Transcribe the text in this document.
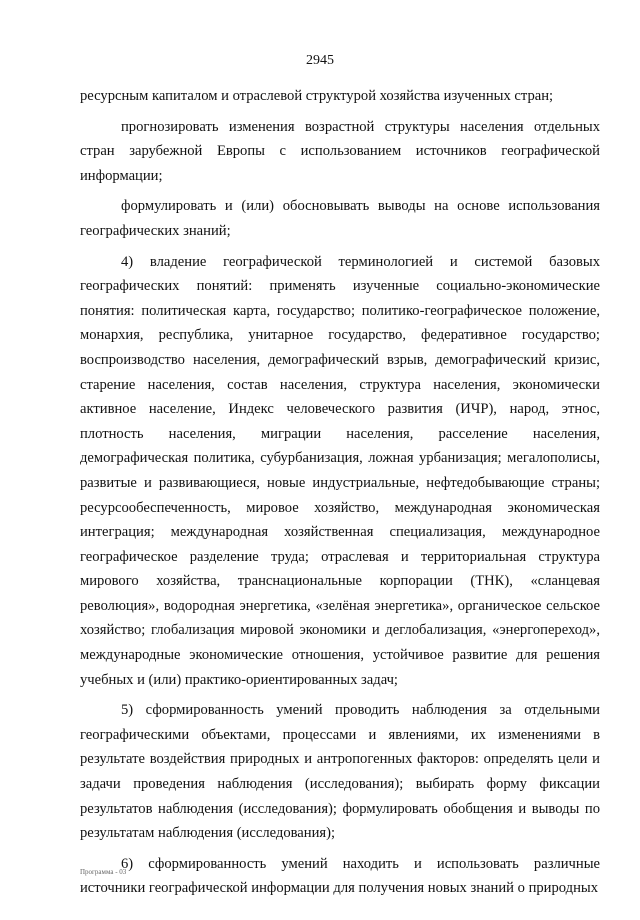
2945

ресурсным капиталом и отраслевой структурой хозяйства изученных стран;

прогнозировать изменения возрастной структуры населения отдельных стран зарубежной Европы с использованием источников географической информации;

формулировать и (или) обосновывать выводы на основе использования географических знаний;

4) владение географической терминологией и системой базовых географических понятий: применять изученные социально-экономические понятия: политическая карта, государство; политико-географическое положение, монархия, республика, унитарное государство, федеративное государство; воспроизводство населения, демографический взрыв, демографический кризис, старение населения, состав населения, структура населения, экономически активное население, Индекс человеческого развития (ИЧР), народ, этнос, плотность населения, миграции населения, расселение населения, демографическая политика, субурбанизация, ложная урбанизация; мегалополисы, развитые и развивающиеся, новые индустриальные, нефтедобывающие страны; ресурсообеспеченность, мировое хозяйство, международная экономическая интеграция; международная хозяйственная специализация, международное географическое разделение труда; отраслевая и территориальная структура мирового хозяйства, транснациональные корпорации (ТНК), «сланцевая революция», водородная энергетика, «зелёная энергетика», органическое сельское хозяйство; глобализация мировой экономики и деглобализация, «энергопереход», международные экономические отношения, устойчивое развитие для решения учебных и (или) практико-ориентированных задач;

5) сформированность умений проводить наблюдения за отдельными географическими объектами, процессами и явлениями, их изменениями в результате воздействия природных и антропогенных факторов: определять цели и задачи проведения наблюдения (исследования); выбирать форму фиксации результатов наблюдения (исследования); формулировать обобщения и выводы по результатам наблюдения (исследования);

6) сформированность умений находить и использовать различные источники географической информации для получения новых знаний о природных

Программа - 03
